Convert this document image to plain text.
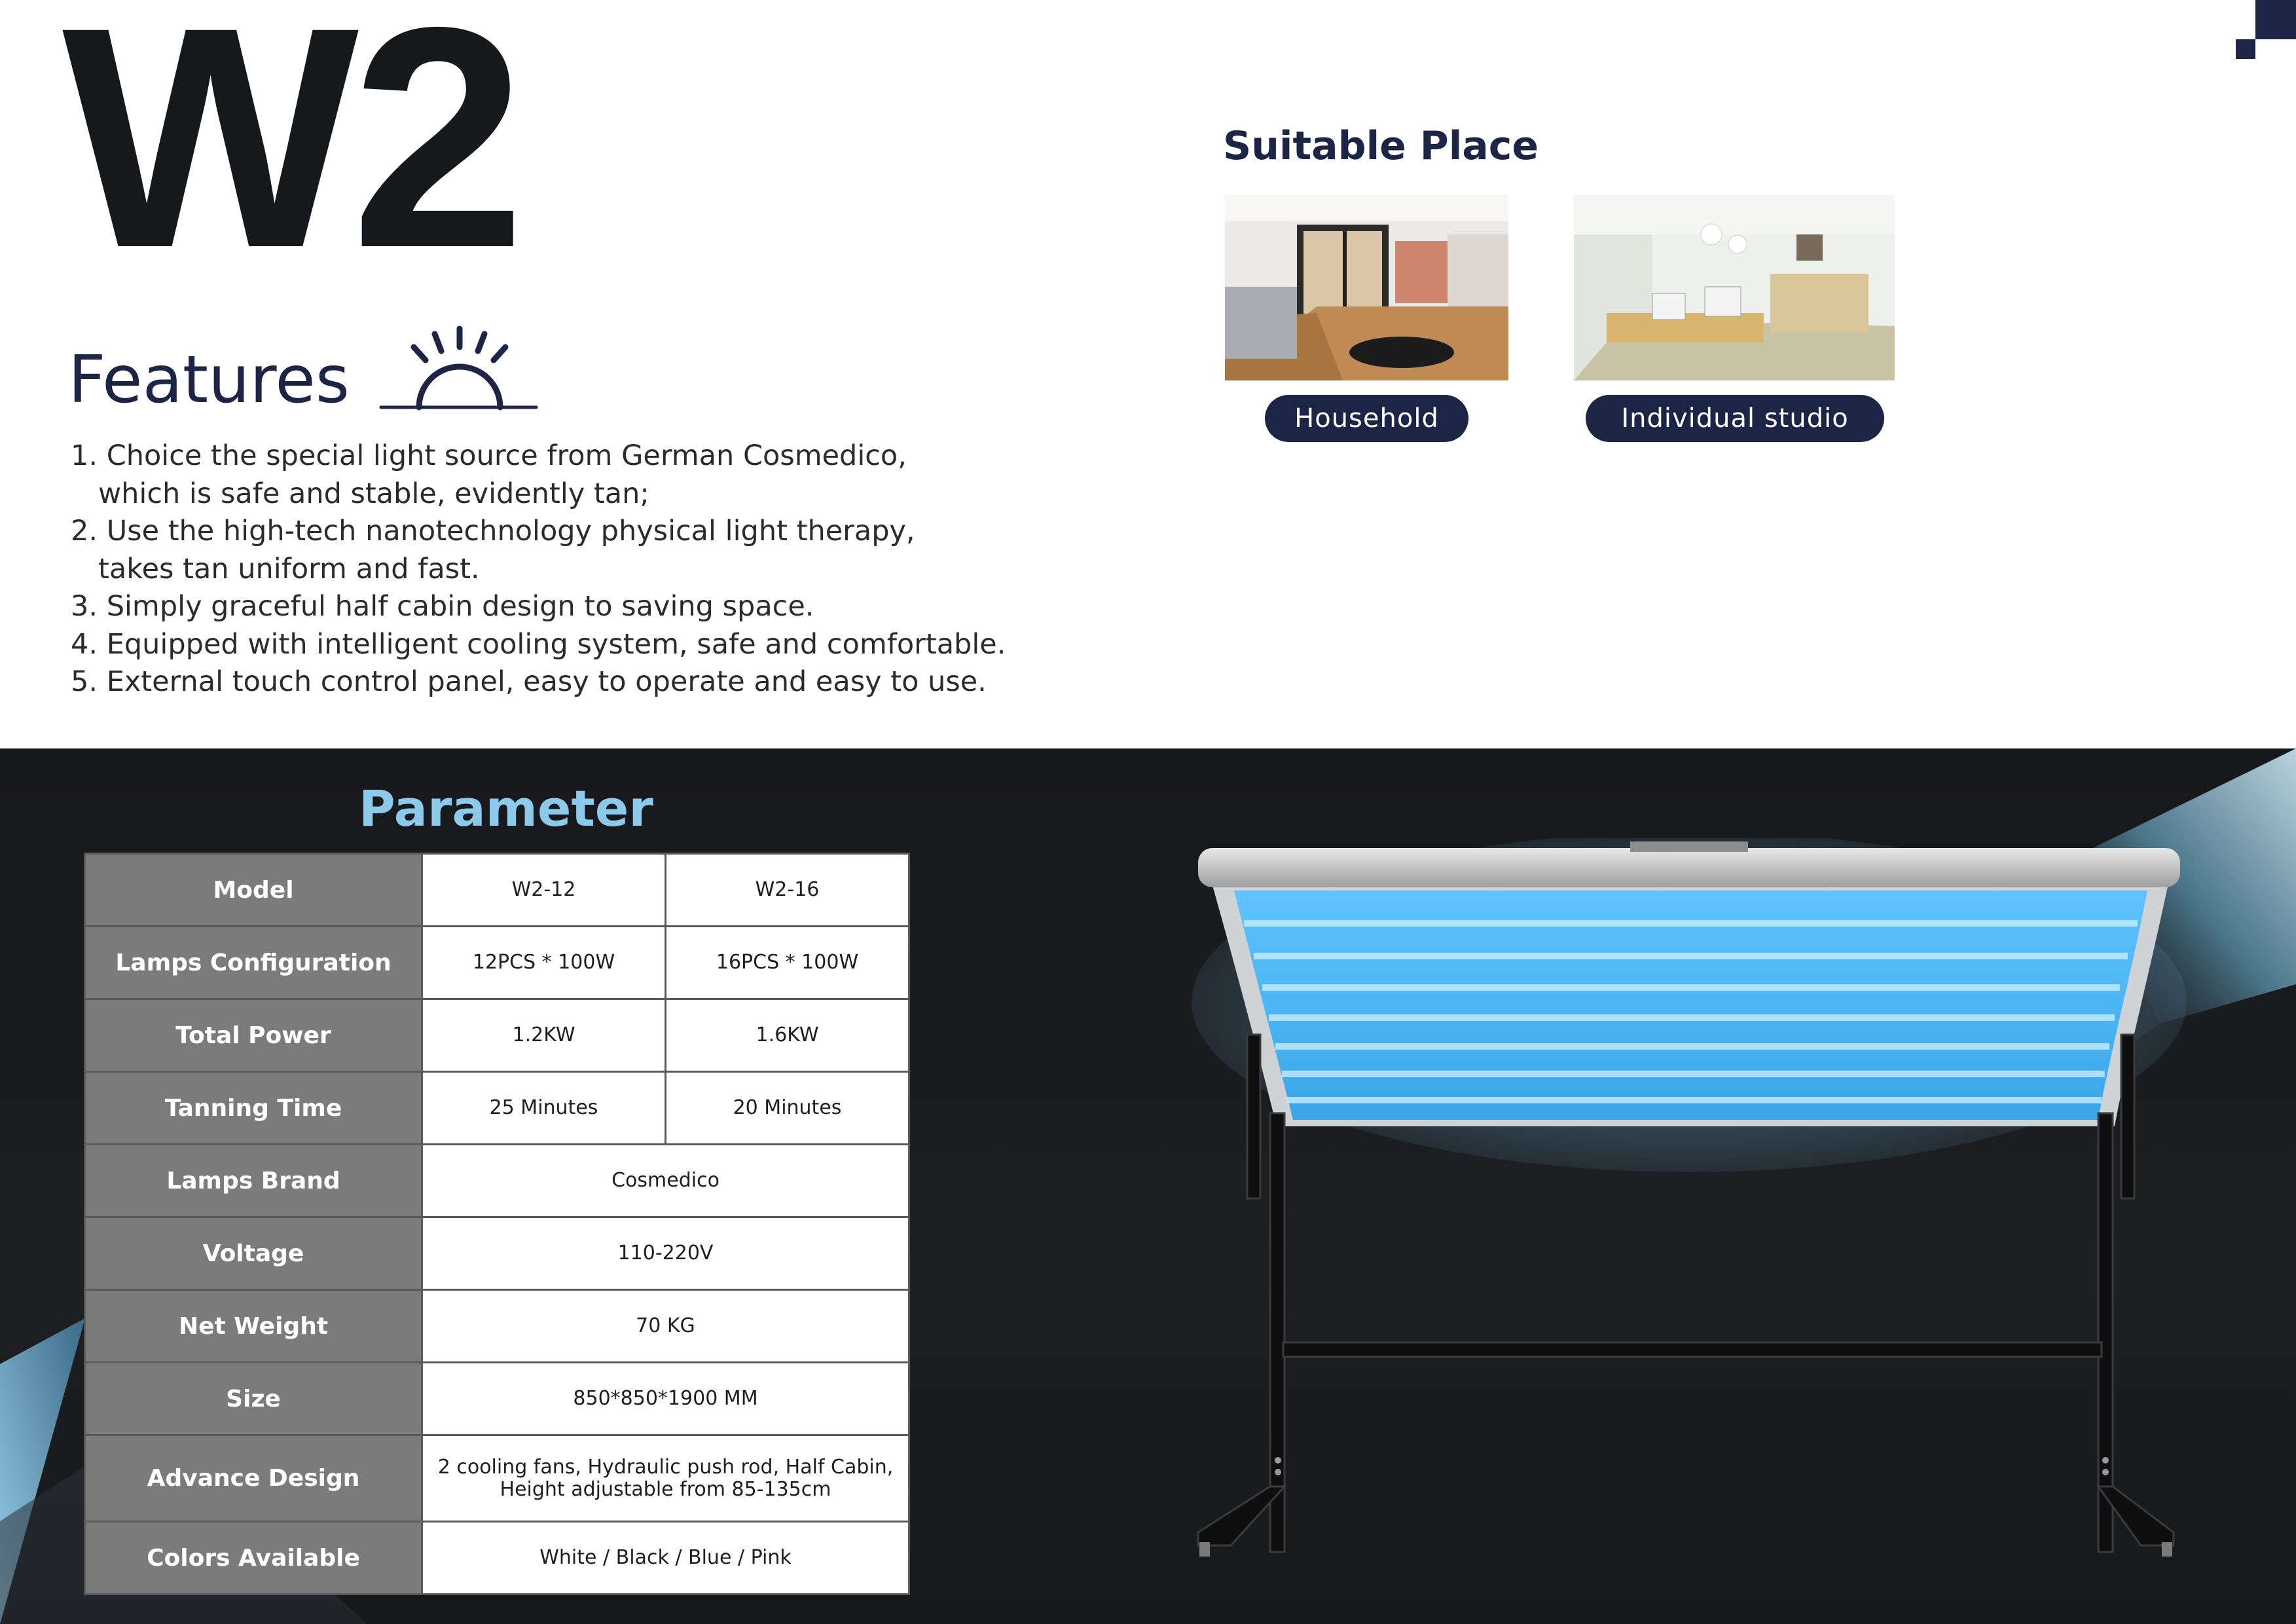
W2
Features
1. Choice the special light source from German Cosmedico,
which is safe and stable, evidently tan;
2. Use the high-tech nanotechnology physical light therapy,
takes tan uniform and fast.
3. Simply graceful half cabin design to saving space.
4. Equipped with intelligent cooling system, safe and comfortable.
5. External touch control panel, easy to operate and easy to use.
Suitable Place
Household	Individual studio
Parameter
Model	W2-12	W2-16
Lamps Configuration	12PCS * 100W	16PCS * 100W
Total Power	1.2KW	1.6KW
Tanning Time	25 Minutes	20 Minutes
Lamps Brand	Cosmedico	
Voltage	110-220V	
Net Weight	70 KG	
Size	850*850*1900 MM	
Advance Design	2 cooling fans, Hydraulic push rod, Half Cabin,
Height adjustable from 85-135cm	
Colors Available	White / Black / Blue / Pink	
